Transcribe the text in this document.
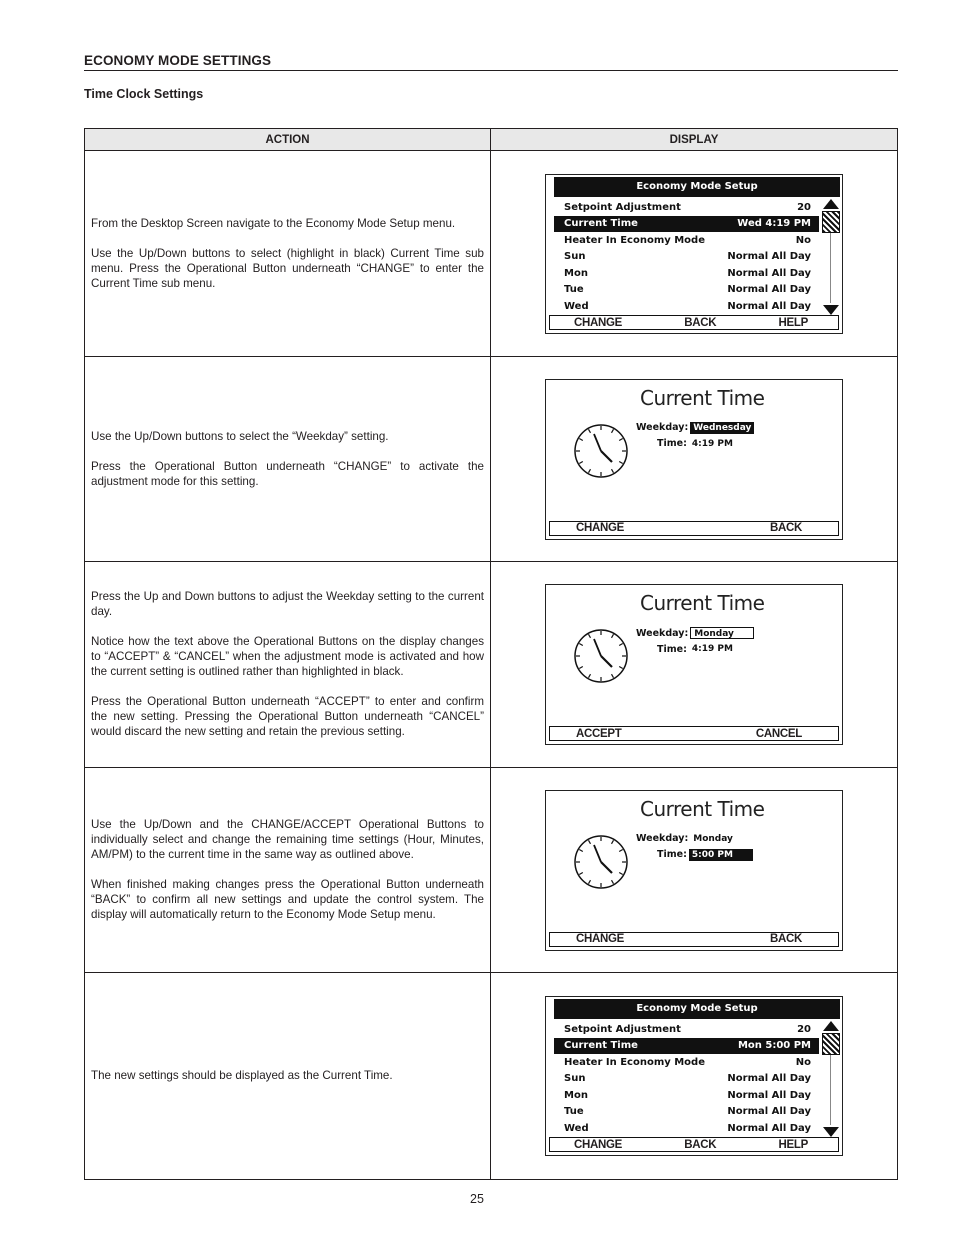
ECONOMY MODE SETTINGS
Time Clock Settings
ACTION	DISPLAY

From the Desktop Screen navigate to the Economy Mode Setup menu.

Use the Up/Down buttons to select (highlight in black) Current Time sub menu. Press the Operational Button underneath “CHANGE” to enter the Current Time sub menu.

Economy Mode Setup
Setpoint Adjustment	20
Current Time	Wed 4:19 PM
Heater In Economy Mode	No
Sun	Normal All Day
Mon	Normal All Day
Tue	Normal All Day
Wed	Normal All Day
CHANGE	BACK	HELP

Use the Up/Down buttons to select the “Weekday” setting.

Press the Operational Button underneath “CHANGE” to activate the adjustment mode for this setting.

Current Time
Weekday: Wednesday
Time: 4:19 PM
CHANGE	BACK

Press the Up and Down buttons to adjust the Weekday setting to the current day.

Notice how the text above the Operational Buttons on the display changes to “ACCEPT” & “CANCEL” when the adjustment mode is activated and how the current setting is outlined rather than highlighted in black.

Press the Operational Button underneath “ACCEPT” to enter and confirm the new setting. Pressing the Operational Button underneath “CANCEL” would discard the new setting and retain the previous setting.

Current Time
Weekday: Monday
Time: 4:19 PM
ACCEPT	CANCEL

Use the Up/Down and the CHANGE/ACCEPT Operational Buttons to individually select and change the remaining time settings (Hour, Minutes, AM/PM) to the current time in the same way as outlined above.

When finished making changes press the Operational Button underneath “BACK” to confirm all new settings and update the control system. The display will automatically return to the Economy Mode Setup menu.

Current Time
Weekday: Monday
Time: 5:00 PM
CHANGE	BACK

The new settings should be displayed as the Current Time.

Economy Mode Setup
Setpoint Adjustment	20
Current Time	Mon 5:00 PM
Heater In Economy Mode	No
Sun	Normal All Day
Mon	Normal All Day
Tue	Normal All Day
Wed	Normal All Day
CHANGE	BACK	HELP
25
